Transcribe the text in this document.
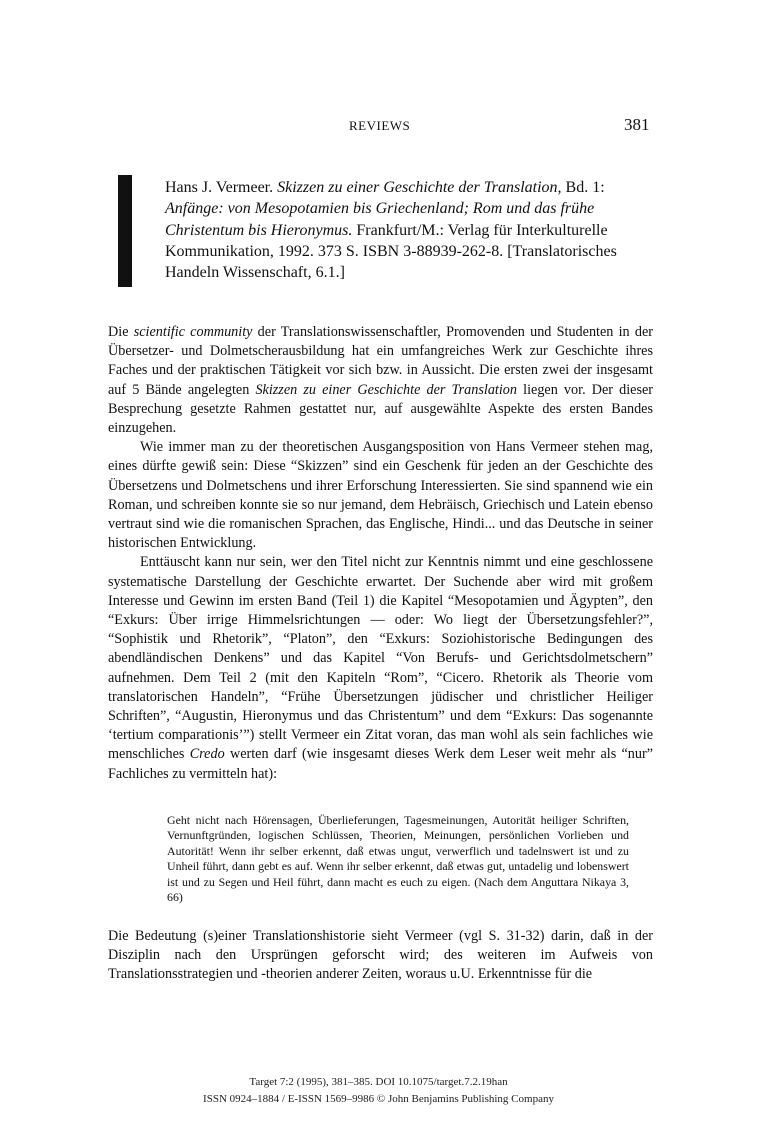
REVIEWS	381

Hans J. Vermeer. Skizzen zu einer Geschichte der Translation, Bd. 1: Anfänge: von Mesopotamien bis Griechenland; Rom und das frühe Christentum bis Hieronymus. Frankfurt/M.: Verlag für Interkulturelle Kommunikation, 1992. 373 S. ISBN 3-88939-262-8. [Translatorisches Handeln Wissenschaft, 6.1.]

Die scientific community der Translationswissenschaftler, Promovenden und Studenten in der Übersetzer- und Dolmetscherausbildung hat ein umfangreiches Werk zur Geschichte ihres Faches und der praktischen Tätigkeit vor sich bzw. in Aussicht. Die ersten zwei der insgesamt auf 5 Bände angelegten Skizzen zu einer Geschichte der Translation liegen vor. Der dieser Besprechung gesetzte Rahmen gestattet nur, auf ausgewählte Aspekte des ersten Bandes einzugehen.

Wie immer man zu der theoretischen Ausgangsposition von Hans Vermeer stehen mag, eines dürfte gewiß sein: Diese “Skizzen” sind ein Geschenk für jeden an der Geschichte des Übersetzens und Dolmetschens und ihrer Erforschung Interessierten. Sie sind spannend wie ein Roman, und schreiben konnte sie so nur jemand, dem Hebräisch, Griechisch und Latein ebenso vertraut sind wie die romanischen Sprachen, das Englische, Hindi... und das Deutsche in seiner historischen Entwicklung.

Enttäuscht kann nur sein, wer den Titel nicht zur Kenntnis nimmt und eine geschlossene systematische Darstellung der Geschichte erwartet. Der Suchende aber wird mit großem Interesse und Gewinn im ersten Band (Teil 1) die Kapitel “Mesopotamien und Ägypten”, den “Exkurs: Über irrige Himmelsrichtungen — oder: Wo liegt der Übersetzungsfehler?”, “Sophistik und Rhetorik”, “Platon”, den “Exkurs: Soziohistorische Bedingungen des abendländischen Denkens” und das Kapitel “Von Berufs- und Gerichtsdolmetschern” aufnehmen. Dem Teil 2 (mit den Kapiteln “Rom”, “Cicero. Rhetorik als Theorie vom translatorischen Handeln”, “Frühe Übersetzungen jüdischer und christlicher Heiliger Schriften”, “Augustin, Hieronymus und das Christentum” und dem “Exkurs: Das sogenannte ‘tertium comparationis’”) stellt Vermeer ein Zitat voran, das man wohl als sein fachliches wie menschliches Credo werten darf (wie insgesamt dieses Werk dem Leser weit mehr als “nur” Fachliches zu vermitteln hat):

Geht nicht nach Hörensagen, Überlieferungen, Tagesmeinungen, Autorität heiliger Schriften, Vernunftgründen, logischen Schlüssen, Theorien, Meinungen, persönlichen Vorlieben und Autorität! Wenn ihr selber erkennt, daß etwas ungut, verwerflich und tadelnswert ist und zu Unheil führt, dann gebt es auf. Wenn ihr selber erkennt, daß etwas gut, untadelig und lobenswert ist und zu Segen und Heil führt, dann macht es euch zu eigen. (Nach dem Anguttara Nikaya 3, 66)

Die Bedeutung (s)einer Translationshistorie sieht Vermeer (vgl S. 31-32) darin, daß in der Disziplin nach den Ursprüngen geforscht wird; des weiteren im Aufweis von Translationsstrategien und -theorien anderer Zeiten, woraus u.U. Erkenntnisse für die

Target 7:2 (1995), 381–385. DOI 10.1075/target.7.2.19han
ISSN 0924–1884 / E-ISSN 1569–9986 © John Benjamins Publishing Company
